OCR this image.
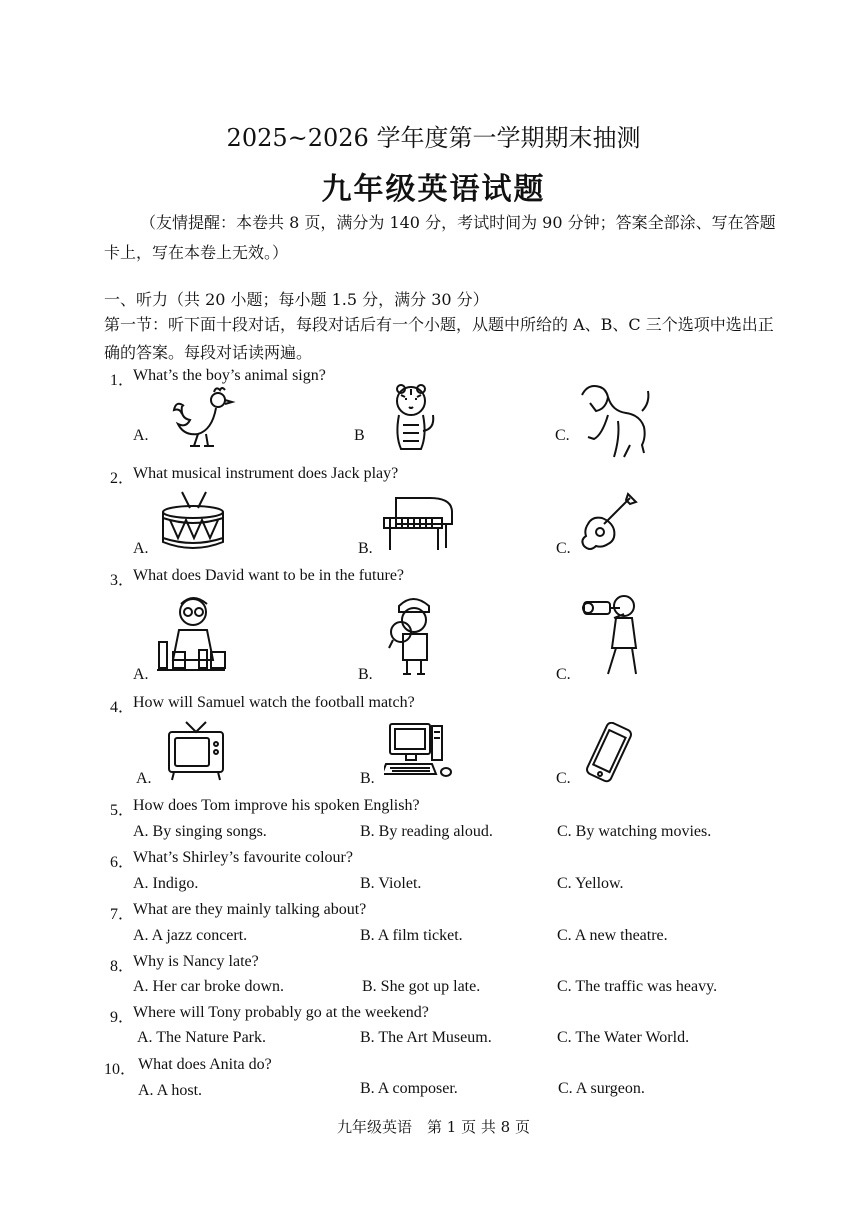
2025~2026 学年度第一学期期末抽测
九年级英语试题
（友情提醒：本卷共 8 页，满分为 140 分，考试时间为 90 分钟；答案全部涂、写在答题卡上，写在本卷上无效。）
一、听力（共 20 小题；每小题 1.5 分，满分 30 分）
第一节：听下面十段对话，每段对话后有一个小题，从题中所给的 A、B、C 三个选项中选出正确的答案。每段对话读两遍。
1．
What’s the boy’s animal sign?
A.	B	C.
2．
What musical instrument does Jack play?
A.	B.	C.
3．
What does David want to be in the future?
A.	B.	C.
4．
How will Samuel watch the football match?
A.	B.	C.
5．
How does Tom improve his spoken English?
A. By singing songs.	B. By reading aloud.	C. By watching movies.
6．
What’s Shirley’s favourite colour?
A. Indigo.	B. Violet.	C. Yellow.
7．
What are they mainly talking about?
A. A jazz concert.	B. A film ticket.	C. A new theatre.
8．
Why is Nancy late?
A. Her car broke down.	B. She got up late.	C. The traffic was heavy.
9．
Where will Tony probably go at the weekend?
A. The Nature Park.	B. The Art Museum.	C. The Water World.
10． What does Anita do?
A. A host.	B. A composer.	C. A surgeon.
九年级英语　第 1 页 共 8 页
